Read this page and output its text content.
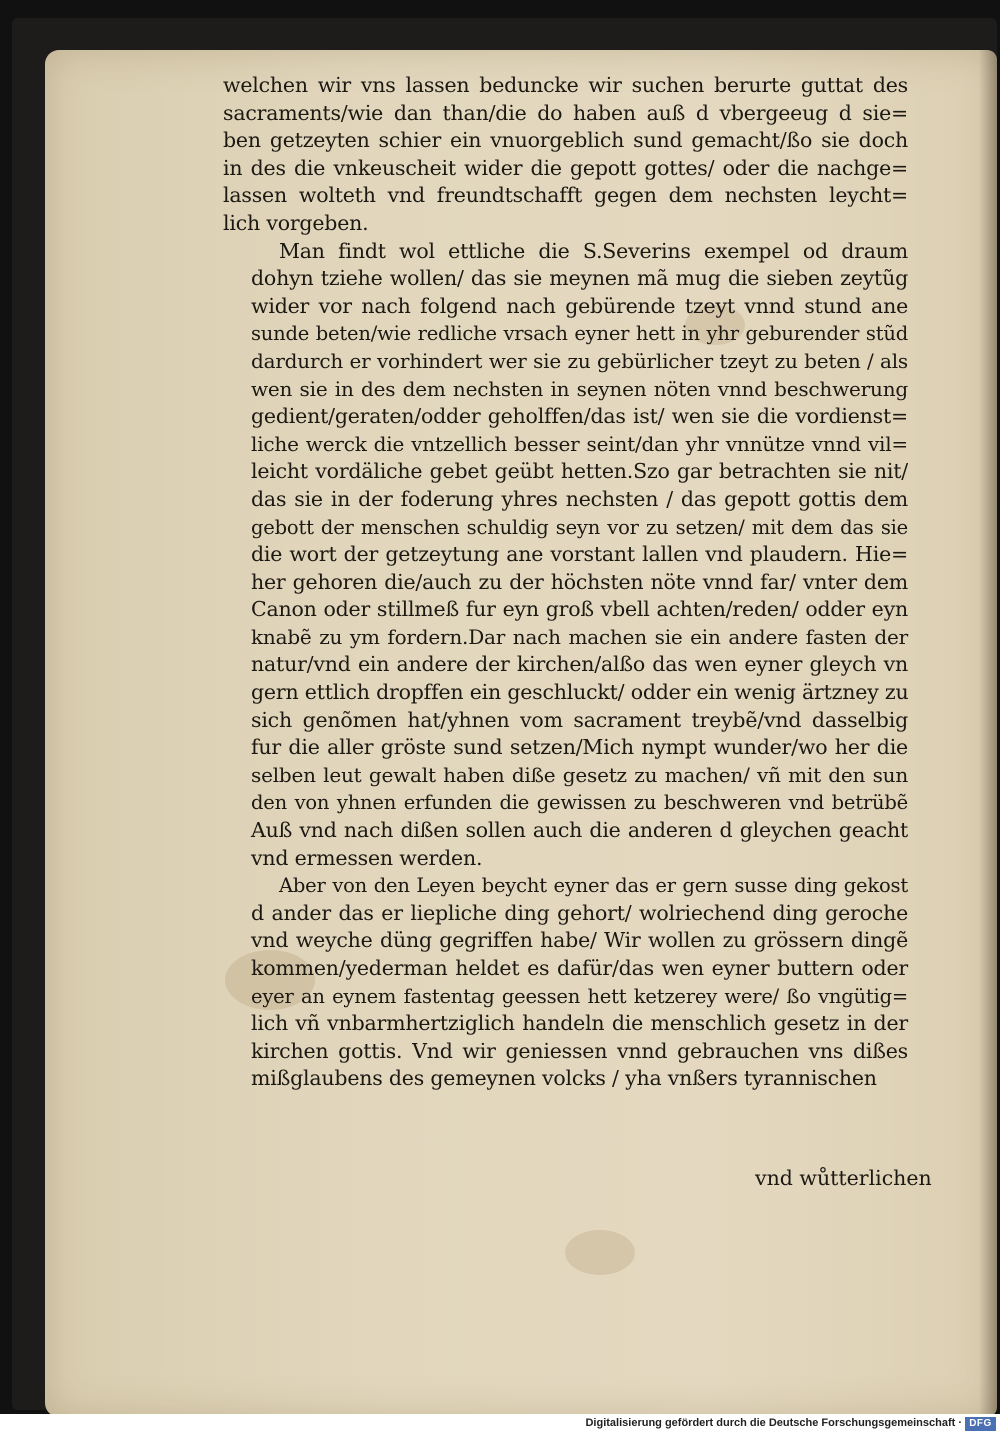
welchen wir vns lassen beduncke wir suchen berurte guttat des
sacraments/wie dan than/die do haben auß d vbergeeug d sie=
ben getzeyten schier ein vnuorgeblich sund gemacht/ßo sie doch
in des die vnkeuscheit wider die gepott gottes/ oder die nachge=
lassen wolteth vnd freundtschafft gegen dem nechsten leycht=
lich vorgeben.
Man findt wol ettliche die S.Severins exempel od draum
dohyn tziehe wollen/ das sie meynen mã mug die sieben zeytũg
wider vor nach folgend nach gebürende tzeyt vnnd stund ane
sunde beten/wie redliche vrsach eyner hett in yhr geburender stũd
dardurch er vorhindert wer sie zu gebürlicher tzeyt zu beten / als
wen sie in des dem nechsten in seynen nöten vnnd beschwerung
gedient/geraten/odder geholffen/das ist/ wen sie die vordienst=
liche werck die vntzellich besser seint/dan yhr vnnütze vnnd vil=
leicht vordäliche gebet geübt hetten.Szo gar betrachten sie nit/
das sie in der foderung yhres nechsten / das gepott gottis dem
gebott der menschen schuldig seyn vor zu setzen/ mit dem das sie
die wort der getzeytung ane vorstant lallen vnd plaudern. Hie=
her gehoren die/auch zu der höchsten nöte vnnd far/ vnter dem
Canon oder stillmeß fur eyn groß vbell achten/reden/ odder eyn
knabẽ zu ym fordern.Dar nach machen sie ein andere fasten der
natur/vnd ein andere der kirchen/alßo das wen eyner gleych vn
gern ettlich dropffen ein geschluckt/ odder ein wenig ärtzney zu
sich genõmen hat/yhnen vom sacrament treybẽ/vnd dasselbig
fur die aller gröste sund setzen/Mich nympt wunder/wo her die
selben leut gewalt haben diße gesetz zu machen/ vñ mit den sun
den von yhnen erfunden die gewissen zu beschweren vnd betrübẽ
Auß vnd nach dißen sollen auch die anderen d gleychen geacht
vnd ermessen werden.
Aber von den Leyen beycht eyner das er gern susse ding gekost
d ander das er liepliche ding gehort/ wolriechend ding geroche
vnd weyche düng gegriffen habe/ Wir wollen zu grössern dingẽ
kommen/yederman heldet es dafür/das wen eyner buttern oder
eyer an eynem fastentag geessen hett ketzerey were/ ßo vngütig=
lich vñ vnbarmhertziglich handeln die menschlich gesetz in der
kirchen gottis. Vnd wir geniessen vnnd gebrauchen vns dißes
mißglaubens des gemeynen volcks / yha vnßers tyrannischen
vnd wůtterlichen
Digitalisierung gefördert durch die Deutsche Forschungsgemeinschaft · DFG
